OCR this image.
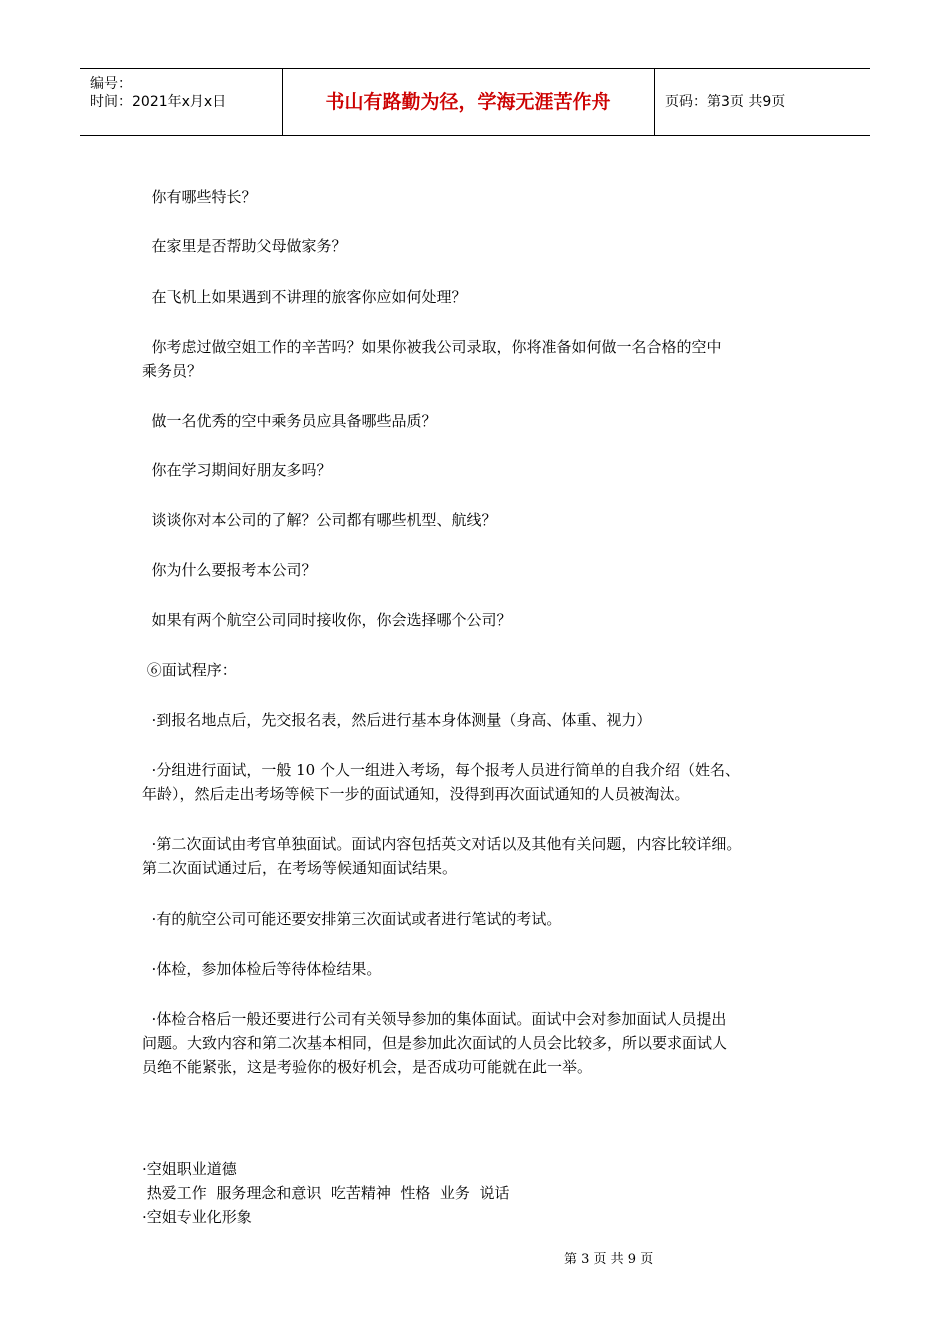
编号：
时间：2021年x月x日	书山有路勤为径，学海无涯苦作舟	页码：第3页 共9页
你有哪些特长？
在家里是否帮助父母做家务？
在飞机上如果遇到不讲理的旅客你应如何处理？
你考虑过做空姐工作的辛苦吗？如果你被我公司录取，你将准备如何做一名合格的空中
乘务员？
做一名优秀的空中乘务员应具备哪些品质？
你在学习期间好朋友多吗？
谈谈你对本公司的了解？公司都有哪些机型、航线？
你为什么要报考本公司？
如果有两个航空公司同时接收你，你会选择哪个公司？
⑥面试程序：
·到报名地点后，先交报名表，然后进行基本身体测量（身高、体重、视力）
·分组进行面试，一般 10 个人一组进入考场，每个报考人员进行简单的自我介绍（姓名、
年龄），然后走出考场等候下一步的面试通知，没得到再次面试通知的人员被淘汰。
·第二次面试由考官单独面试。面试内容包括英文对话以及其他有关问题，内容比较详细。
第二次面试通过后，在考场等候通知面试结果。
·有的航空公司可能还要安排第三次面试或者进行笔试的考试。
·体检，参加体检后等待体检结果。
·体检合格后一般还要进行公司有关领导参加的集体面试。面试中会对参加面试人员提出
问题。大致内容和第二次基本相同，但是参加此次面试的人员会比较多，所以要求面试人
员绝不能紧张，这是考验你的极好机会，是否成功可能就在此一举。
·空姐职业道德
热爱工作  服务理念和意识  吃苦精神  性格  业务  说话
·空姐专业化形象
第 3 页 共 9 页
